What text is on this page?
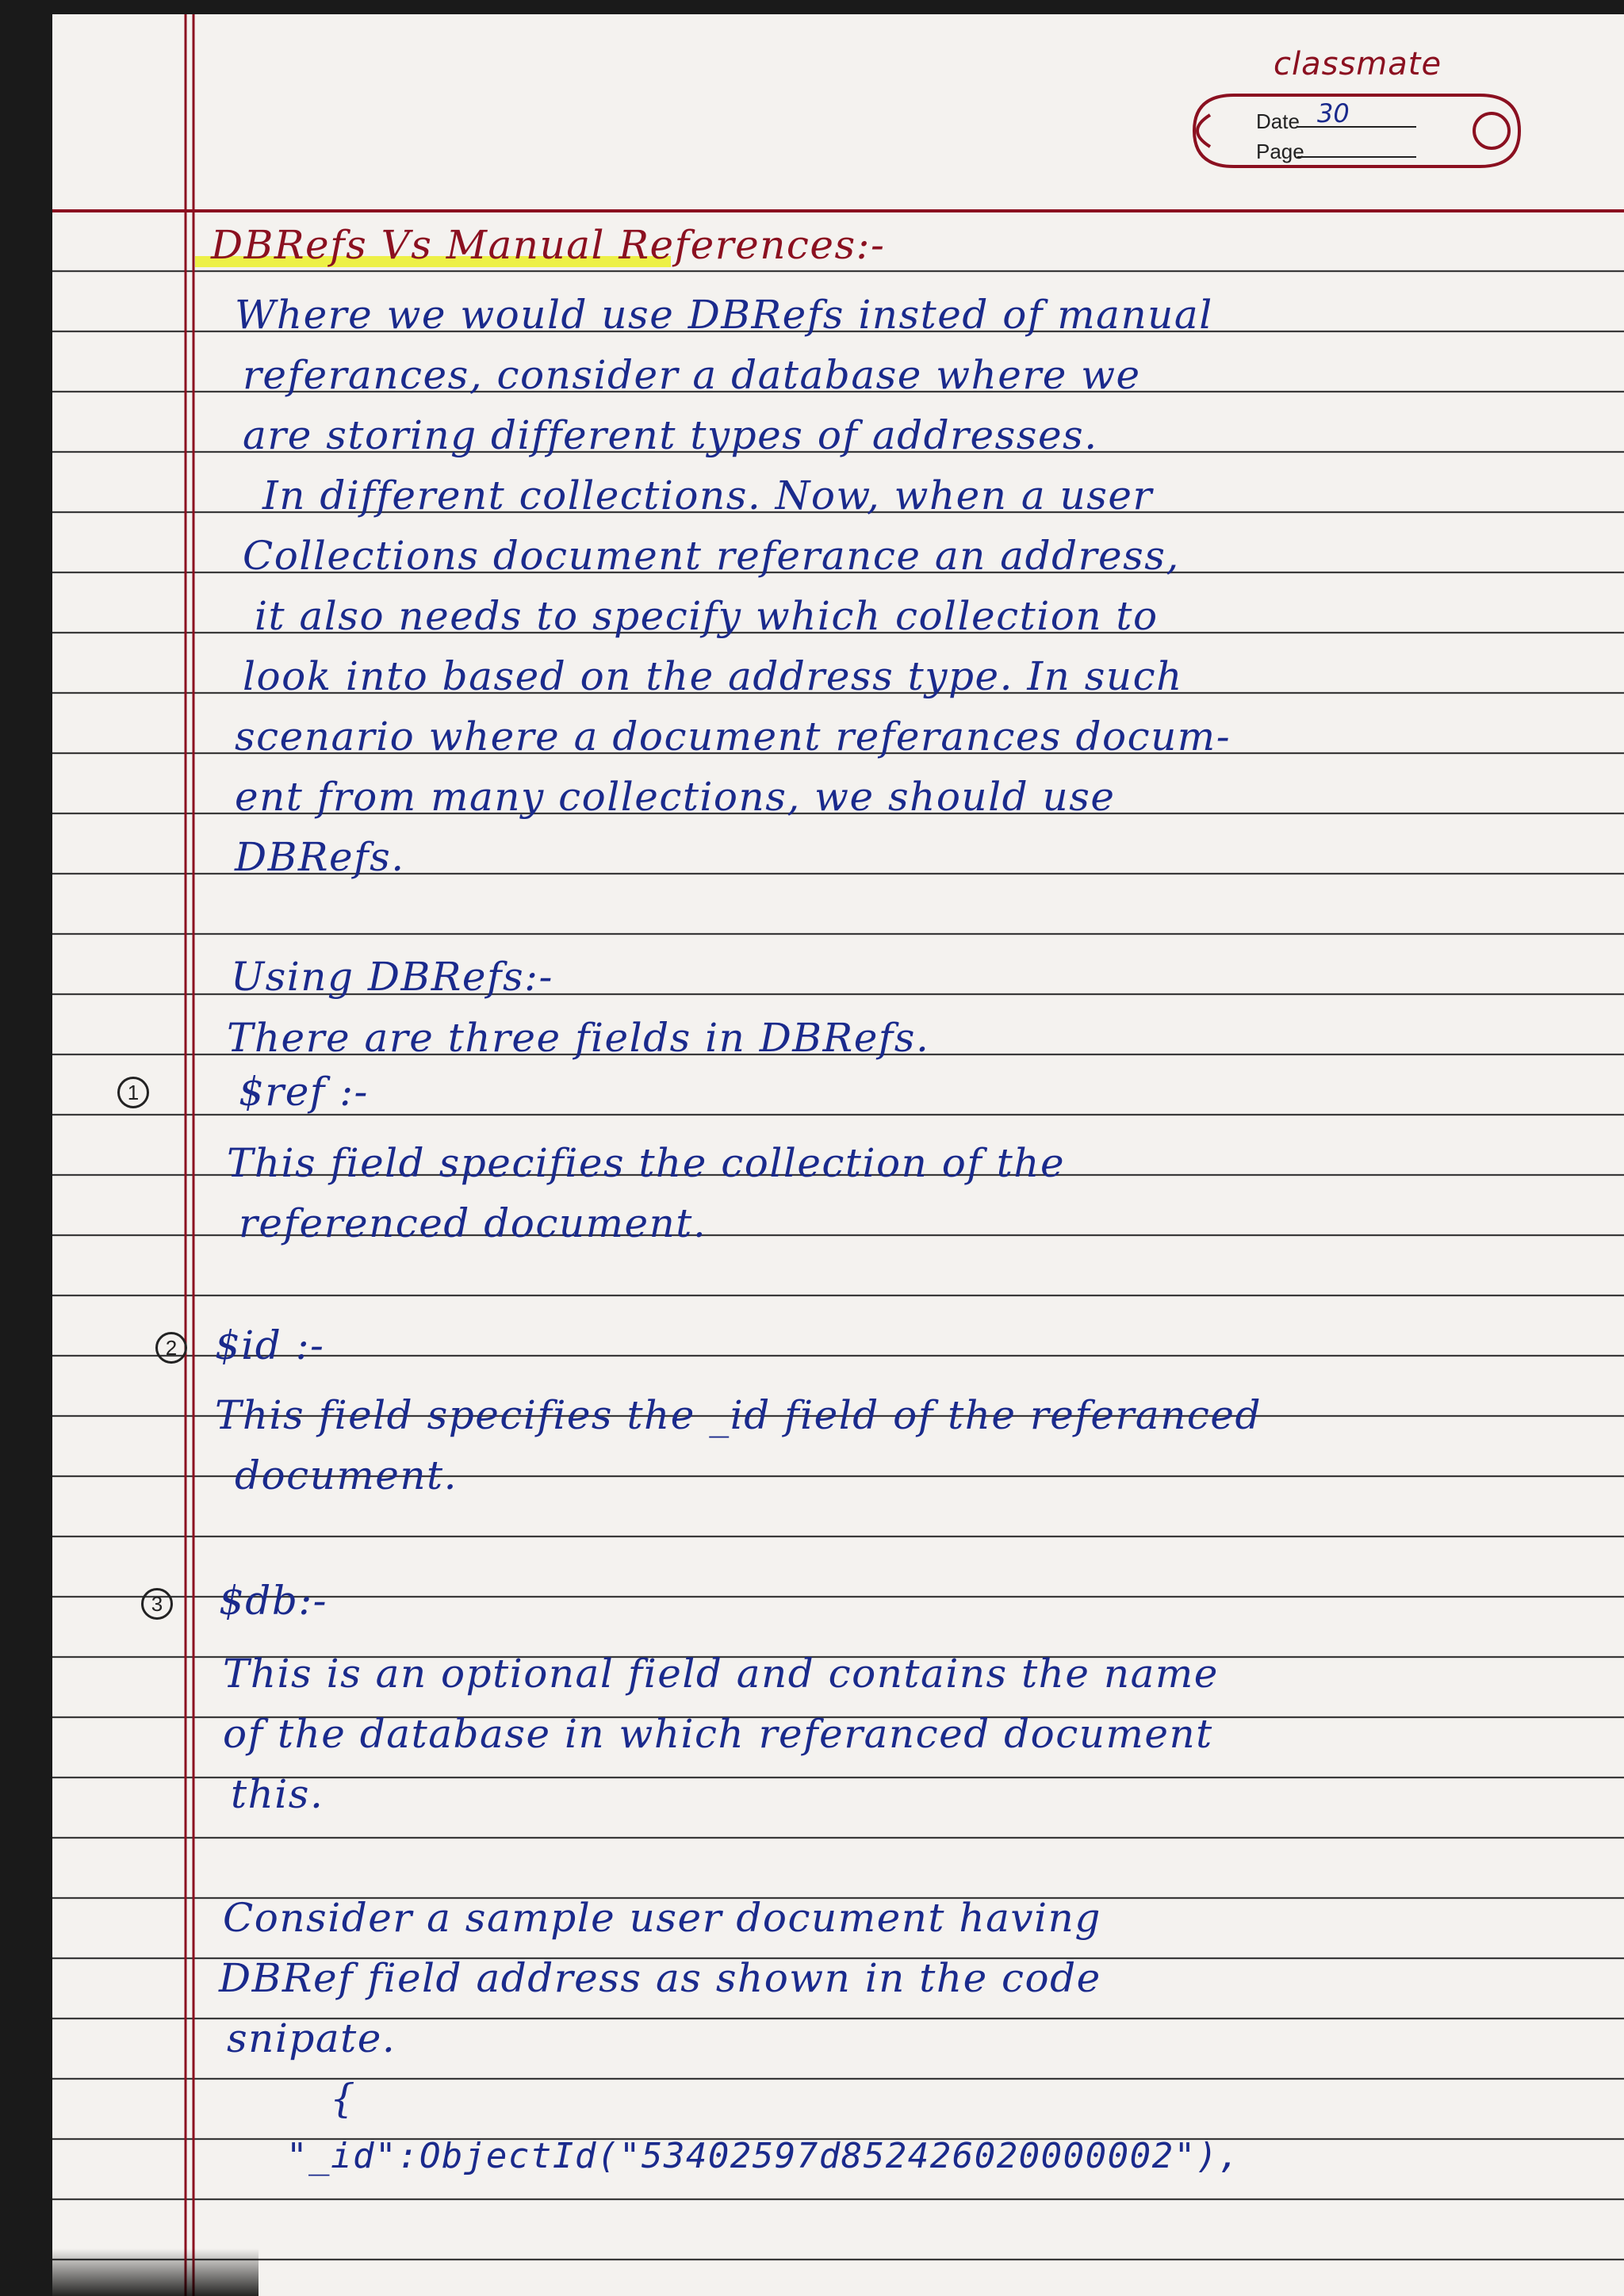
classmate
Date 30
Page
DBRefs Vs Manual References:-
Where we would use DBRefs insted of manual
referances, consider a database where we
are storing different types of addresses.
In different collections. Now, when a user
Collections document referance an address,
it also needs to specify which collection to
look into based on the address type. In such
scenario where a document referances docum-
ent from many collections, we should use
DBRefs.
Using DBRefs:-
There are three fields in DBRefs.
1	$ref :-
This field specifies the collection of the
referenced document.
2 $id :-
This field specifies the _id field of the referanced
document.
3 $db:-
This is an optional field and contains the name
of the database in which referanced document
this.
Consider a sample user document having
DBRef field address as shown in the code
snipate.
{
"_id":ObjectId("53402597d852426020000002"),
